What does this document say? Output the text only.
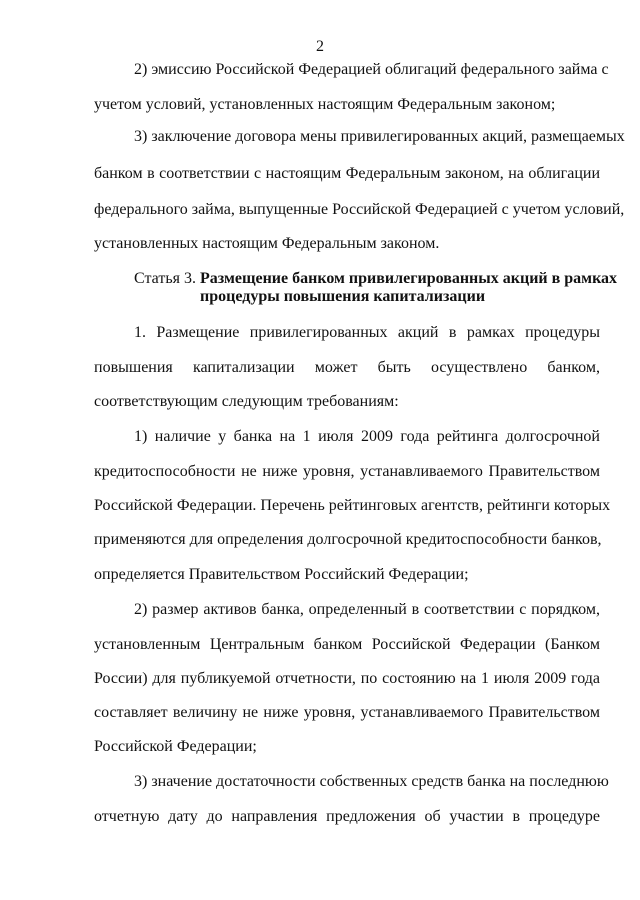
2
2) эмиссию Российской Федерацией облигаций федерального займа с
учетом условий, установленных настоящим Федеральным законом;
3) заключение договора мены привилегированных акций, размещаемых
банком в соответствии с настоящим Федеральным законом, на облигации
федерального займа, выпущенные Российской Федерацией с учетом условий,
установленных настоящим Федеральным законом.
Статья 3. Размещение банком привилегированных акций в рамках
процедуры повышения капитализации
1. Размещение привилегированных акций в рамках процедуры
повышения капитализации может быть осуществлено банком,
соответствующим следующим требованиям:
1) наличие у банка на 1 июля 2009 года рейтинга долгосрочной
кредитоспособности не ниже уровня, устанавливаемого Правительством
Российской Федерации. Перечень рейтинговых агентств, рейтинги которых
применяются для определения долгосрочной кредитоспособности банков,
определяется Правительством Российский Федерации;
2) размер активов банка, определенный в соответствии с порядком,
установленным Центральным банком Российской Федерации (Банком
России) для публикуемой отчетности, по состоянию на 1 июля 2009 года
составляет величину не ниже уровня, устанавливаемого Правительством
Российской Федерации;
3) значение достаточности собственных средств банка на последнюю
отчетную дату до направления предложения об участии в процедуре
